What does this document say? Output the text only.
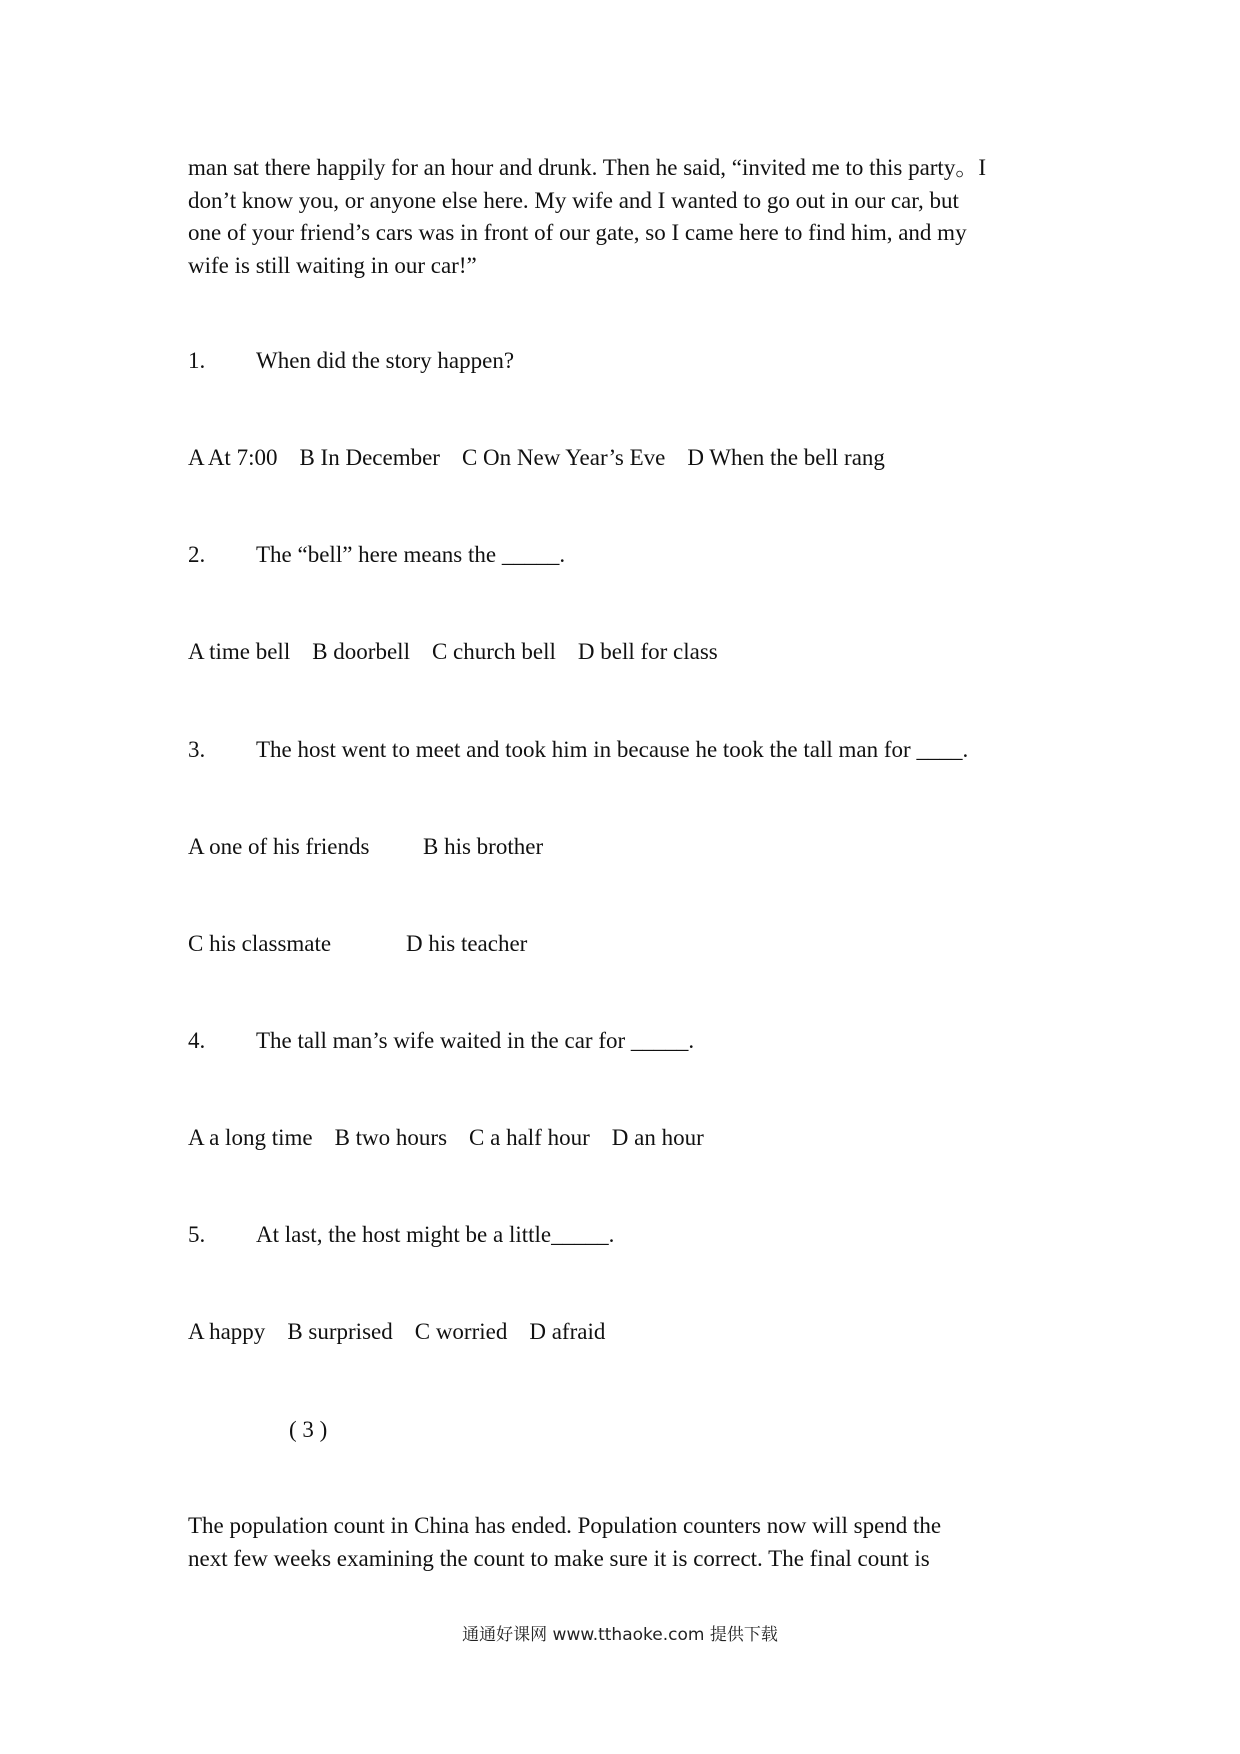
man sat there happily for an hour and drunk. Then he said, “invited me to this party。I
don’t know you, or anyone else here. My wife and I wanted to go out in our car, but
one of your friend’s cars was in front of our gate, so I came here to find him, and my
wife is still waiting in our car!”
1. When did the story happen?
A At 7:00 B In December C On New Year’s Eve D When the bell rang
2. The “bell” here means the _____.
A time bell B doorbell C church bell D bell for class
3. The host went to meet and took him in because he took the tall man for ____.
A one of his friends B his brother
C his classmate	D his teacher
4. The tall man’s wife waited in the car for _____.
A a long time B two hours C a half hour D an hour
5. At last, the host might be a little_____.
A happy B surprised C worried D afraid
( 3 )
The population count in China has ended. Population counters now will spend the
next few weeks examining the count to make sure it is correct. The final count is
通通好课网 www.tthaoke.com 提供下载
